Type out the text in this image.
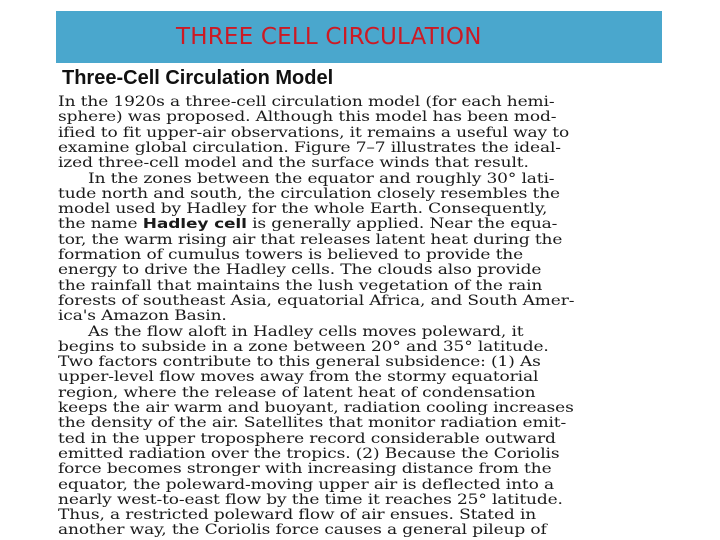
THREE CELL CIRCULATION
Three-Cell Circulation Model
In the 1920s a three-cell circulation model (for each hemi-
sphere) was proposed. Although this model has been mod-
ified to fit upper-air observations, it remains a useful way to
examine global circulation. Figure 7–7 illustrates the ideal-
ized three-cell model and the surface winds that result.
In the zones between the equator and roughly 30° lati-
tude north and south, the circulation closely resembles the
model used by Hadley for the whole Earth. Consequently,
the name Hadley cell is generally applied. Near the equa-
tor, the warm rising air that releases latent heat during the
formation of cumulus towers is believed to provide the
energy to drive the Hadley cells. The clouds also provide
the rainfall that maintains the lush vegetation of the rain
forests of southeast Asia, equatorial Africa, and South Amer-
ica's Amazon Basin.
As the flow aloft in Hadley cells moves poleward, it
begins to subside in a zone between 20° and 35° latitude.
Two factors contribute to this general subsidence: (1) As
upper-level flow moves away from the stormy equatorial
region, where the release of latent heat of condensation
keeps the air warm and buoyant, radiation cooling increases
the density of the air. Satellites that monitor radiation emit-
ted in the upper troposphere record considerable outward
emitted radiation over the tropics. (2) Because the Coriolis
force becomes stronger with increasing distance from the
equator, the poleward-moving upper air is deflected into a
nearly west-to-east flow by the time it reaches 25° latitude.
Thus, a restricted poleward flow of air ensues. Stated in
another way, the Coriolis force causes a general pileup of
